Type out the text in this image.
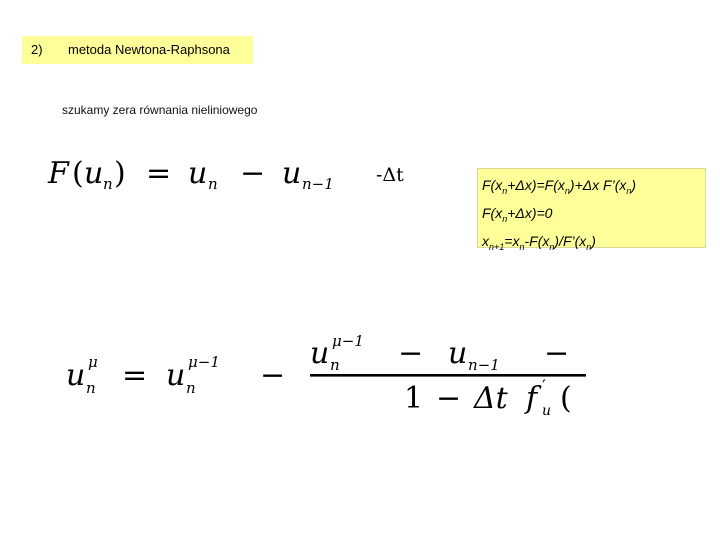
2) metoda Newtona-Raphsona
szukamy zera równania nieliniowego
F ( u n ) = u n − u n−1 -Δt	$F(x_n+\Delta x)=F(x_n)+\Delta x$ $F’(x_n)$
$F(x_n+\Delta x)=0$
$x_{n+1}=x_n-F(x_n)/F’(x_n)$
u n
μ = u n
μ−1 −
u n
μ−1 − u n−1 −
1 − Δt f ′
u (
